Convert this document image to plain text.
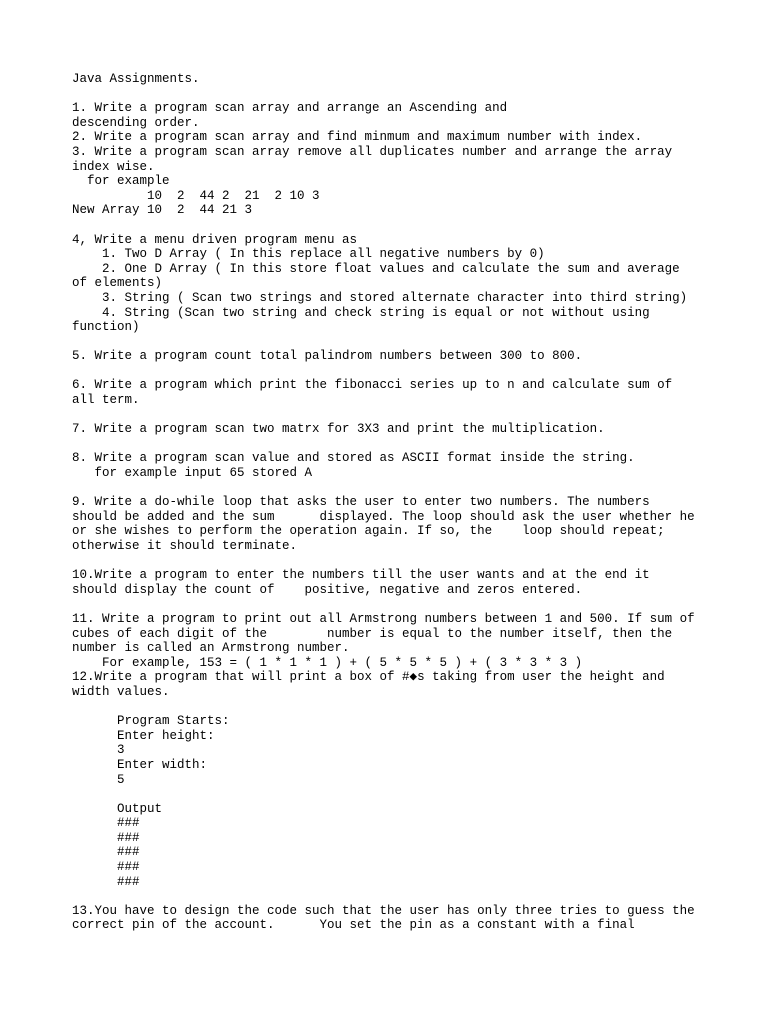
Java Assignments.
1. Write a program scan array and arrange an Ascending and
descending order.
2. Write a program scan array and find minmum and maximum number with index.
3. Write a program scan array remove all duplicates number and arrange the array
index wise.
for example
10  2  44 2  21  2 10 3
New Array 10  2  44 21 3
4, Write a menu driven program menu as
1. Two D Array ( In this replace all negative numbers by 0)
2. One D Array ( In this store float values and calculate the sum and average
of elements)
3. String ( Scan two strings and stored alternate character into third string)
4. String (Scan two string and check string is equal or not without using
function)
5. Write a program count total palindrom numbers between 300 to 800.
6. Write a program which print the fibonacci series up to n and calculate sum of
all term.
7. Write a program scan two matrx for 3X3 and print the multiplication.
8. Write a program scan value and stored as ASCII format inside the string.
for example input 65 stored A
9. Write a do-while loop that asks the user to enter two numbers. The numbers
should be added and the sum      displayed. The loop should ask the user whether he
or she wishes to perform the operation again. If so, the    loop should repeat;
otherwise it should terminate.
10.Write a program to enter the numbers till the user wants and at the end it
should display the count of    positive, negative and zeros entered.
11. Write a program to print out all Armstrong numbers between 1 and 500. If sum of
cubes of each digit of the        number is equal to the number itself, then the
number is called an Armstrong number.
For example, 153 = ( 1 * 1 * 1 ) + ( 5 * 5 * 5 ) + ( 3 * 3 * 3 )
12.Write a program that will print a box of #◆s taking from user the height and
width values.
Program Starts:
Enter height:
3
Enter width:
5
Output
###
###
###
###
###
13.You have to design the code such that the user has only three tries to guess the
correct pin of the account.      You set the pin as a constant with a final
